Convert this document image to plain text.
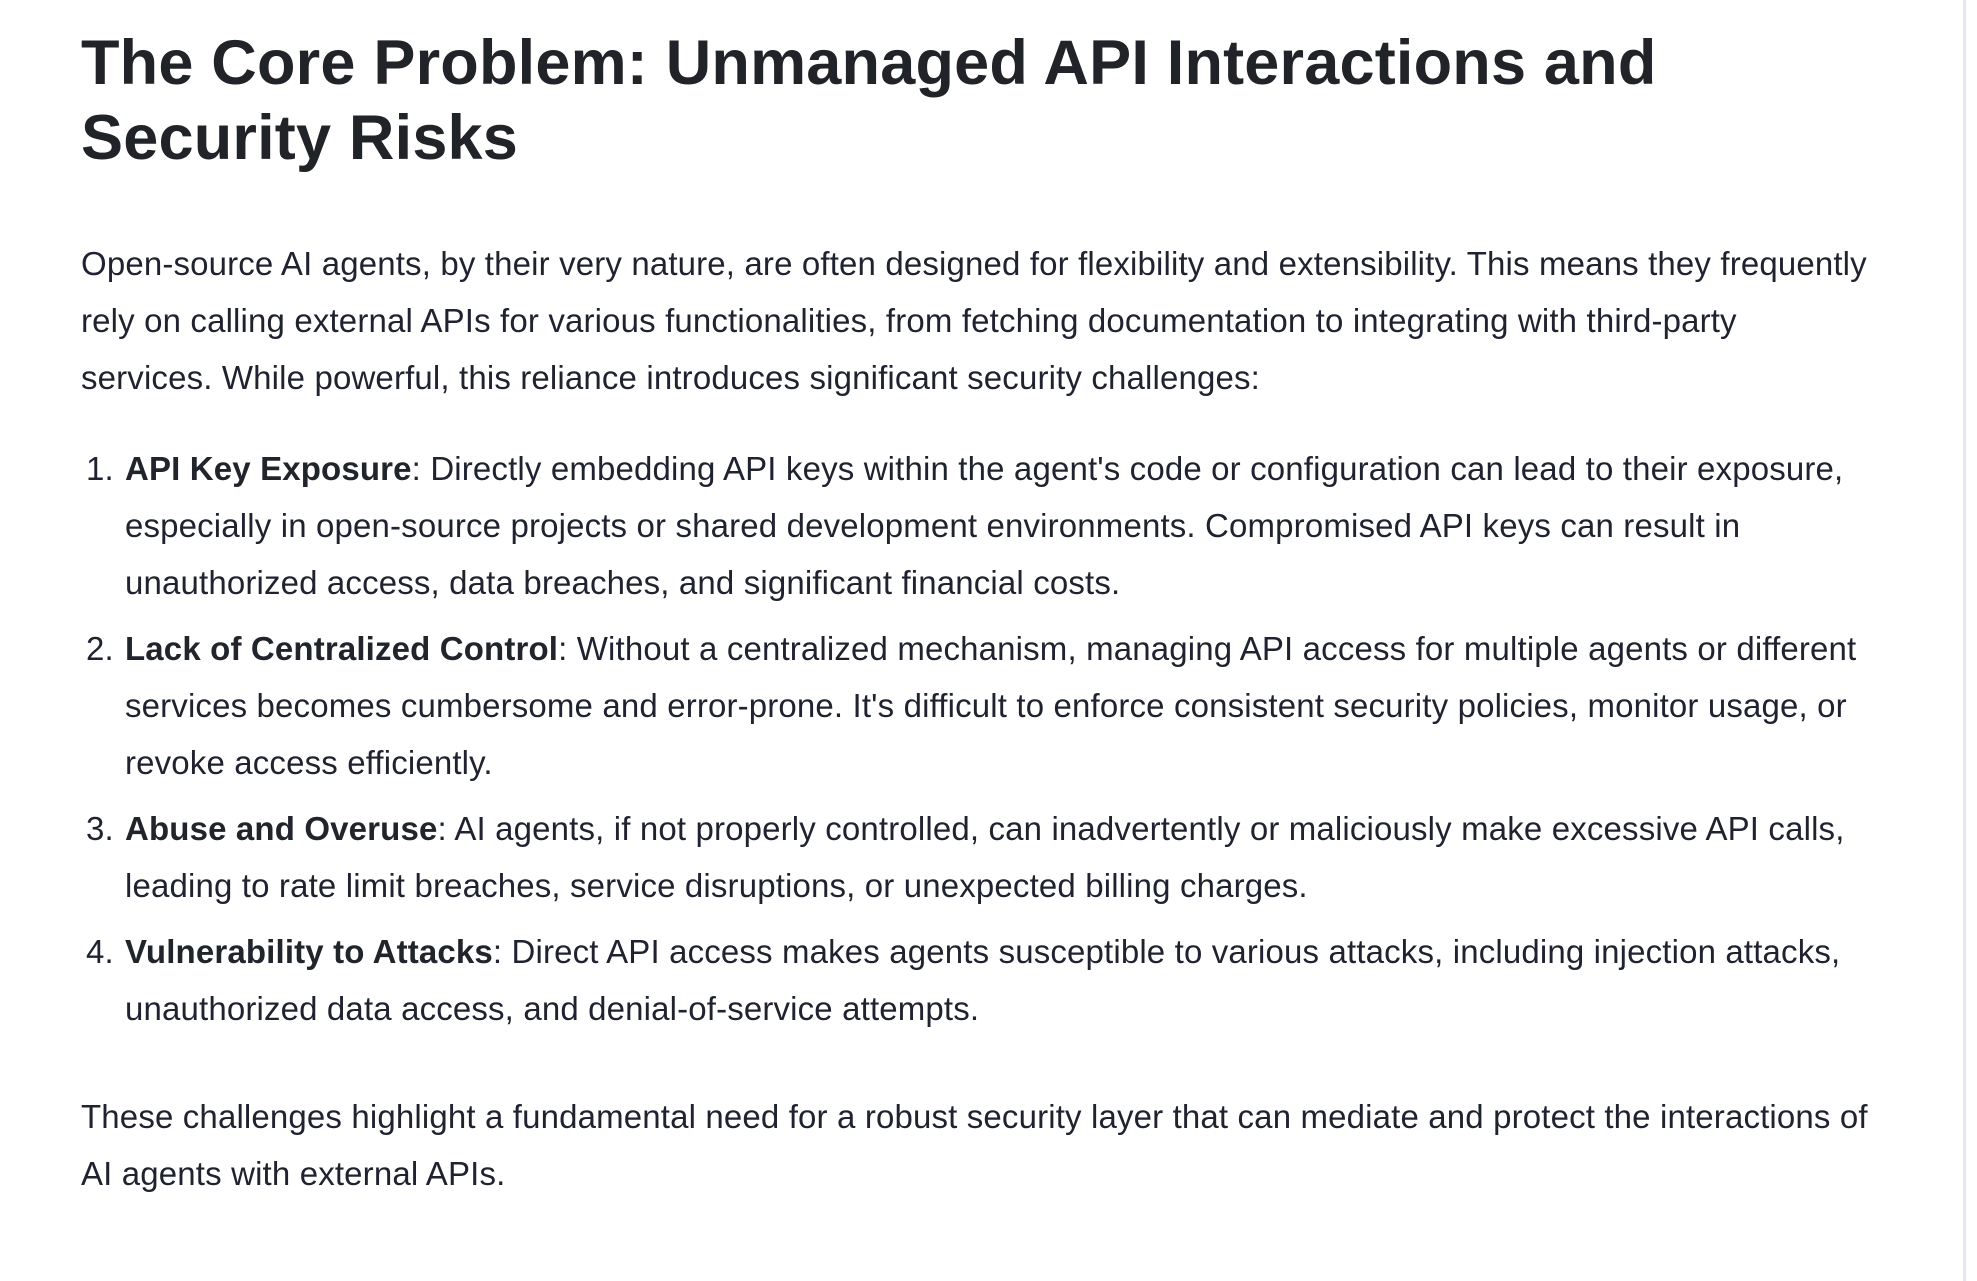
The Core Problem: Unmanaged API Interactions and Security Risks

Open-source AI agents, by their very nature, are often designed for flexibility and extensibility. This means they frequently rely on calling external APIs for various functionalities, from fetching documentation to integrating with third-party services. While powerful, this reliance introduces significant security challenges:

1. API Key Exposure: Directly embedding API keys within the agent's code or configuration can lead to their exposure, especially in open-source projects or shared development environments. Compromised API keys can result in unauthorized access, data breaches, and significant financial costs.
2. Lack of Centralized Control: Without a centralized mechanism, managing API access for multiple agents or different services becomes cumbersome and error-prone. It's difficult to enforce consistent security policies, monitor usage, or revoke access efficiently.
3. Abuse and Overuse: AI agents, if not properly controlled, can inadvertently or maliciously make excessive API calls, leading to rate limit breaches, service disruptions, or unexpected billing charges.
4. Vulnerability to Attacks: Direct API access makes agents susceptible to various attacks, including injection attacks, unauthorized data access, and denial-of-service attempts.

These challenges highlight a fundamental need for a robust security layer that can mediate and protect the interactions of AI agents with external APIs.
